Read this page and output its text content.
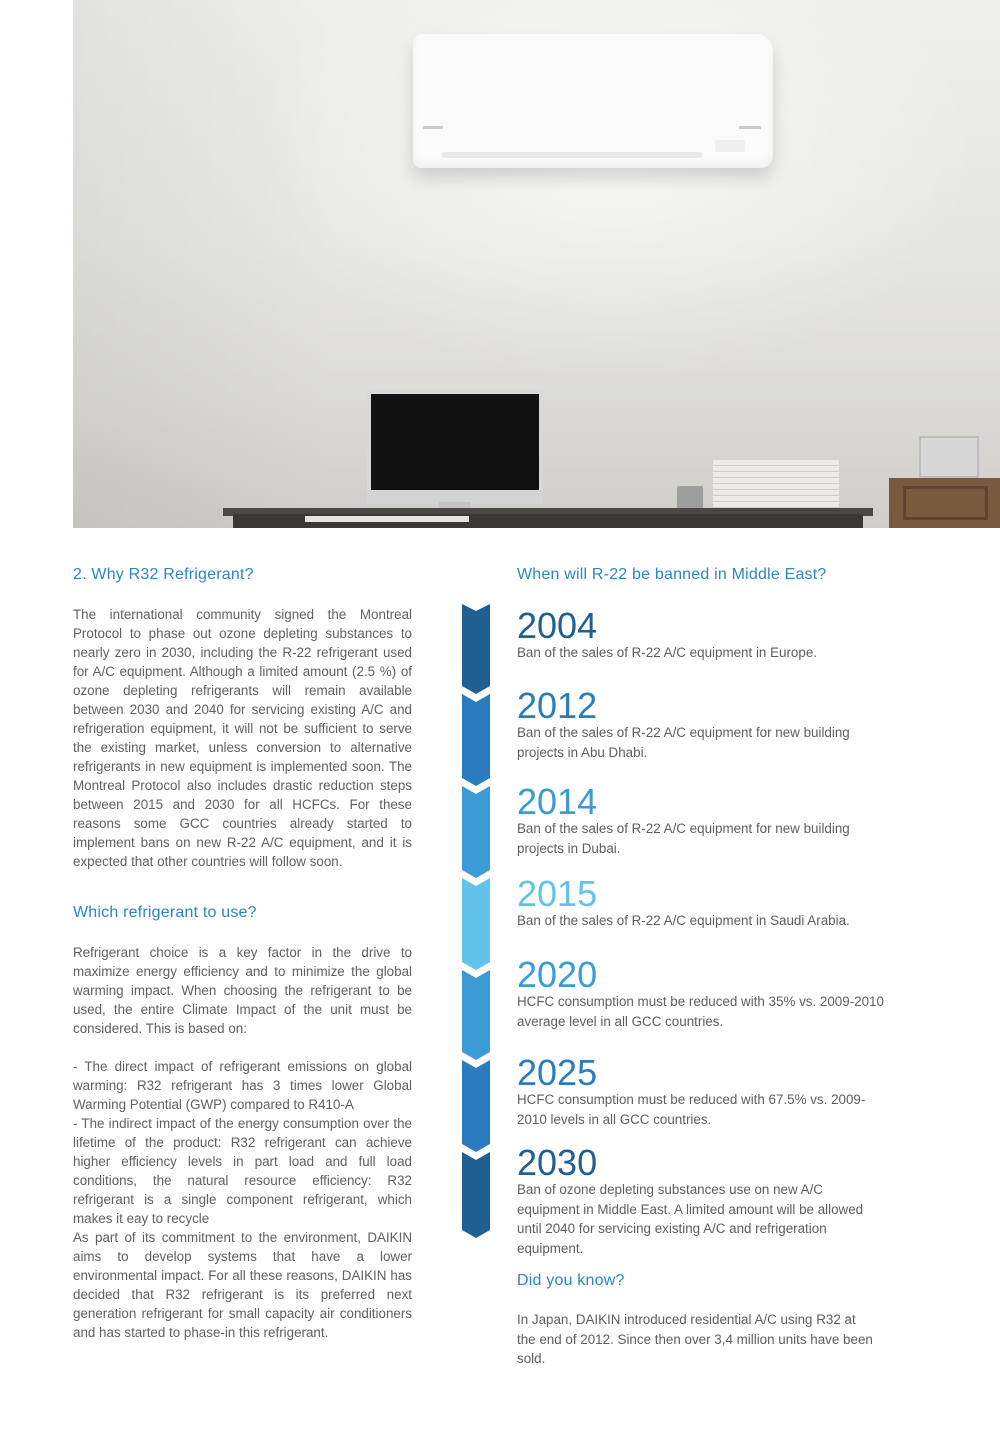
2. Why R32 Refrigerant?

The international community signed the Montreal Protocol to phase out ozone depleting substances to nearly zero in 2030, including the R-22 refrigerant used for A/C equipment. Although a limited amount (2.5 %) of ozone depleting refrigerants will remain available between 2030 and 2040 for servicing existing A/C and refrigeration equipment, it will not be sufficient to serve the existing market, unless conversion to alternative refrigerants in new equipment is implemented soon. The Montreal Protocol also includes drastic reduction steps between 2015 and 2030 for all HCFCs. For these reasons some GCC countries already started to implement bans on new R-22 A/C equipment, and it is expected that other countries will follow soon.

Which refrigerant to use?

Refrigerant choice is a key factor in the drive to maximize energy efficiency and to minimize the global warming impact. When choosing the refrigerant to be used, the entire Climate Impact of the unit must be considered. This is based on:

- The direct impact of refrigerant emissions on global warming: R32 refrigerant has 3 times lower Global Warming Potential (GWP) compared to R410-A

- The indirect impact of the energy consumption over the lifetime of the product: R32 refrigerant can achieve higher efficiency levels in part load and full load conditions, the natural resource efficiency: R32 refrigerant is a single component refrigerant, which makes it eay to recycle

As part of its commitment to the environment, DAIKIN aims to develop systems that have a lower environmental impact. For all these reasons, DAIKIN has decided that R32 refrigerant is its preferred next generation refrigerant for small capacity air conditioners and has started to phase-in this refrigerant.

When will R-22 be banned in Middle East?
2004
Ban of the sales of R-22 A/C equipment in Europe.
2012
Ban of the sales of R-22 A/C equipment for new building projects in Abu Dhabi.
2014
Ban of the sales of R-22 A/C equipment for new building projects in Dubai.
2015
Ban of the sales of R-22 A/C equipment in Saudi Arabia.
2020
HCFC consumption must be reduced with 35% vs. 2009-2010 average level in all GCC countries.
2025
HCFC consumption must be reduced with 67.5% vs. 2009-2010 levels in all GCC countries.
2030
Ban of ozone depleting substances use on new A/C equipment in Middle East. A limited amount will be allowed until 2040 for servicing existing A/C and refrigeration equipment.
Did you know?
In Japan, DAIKIN introduced residential A/C using R32 at the end of 2012. Since then over 3,4 million units have been sold.
